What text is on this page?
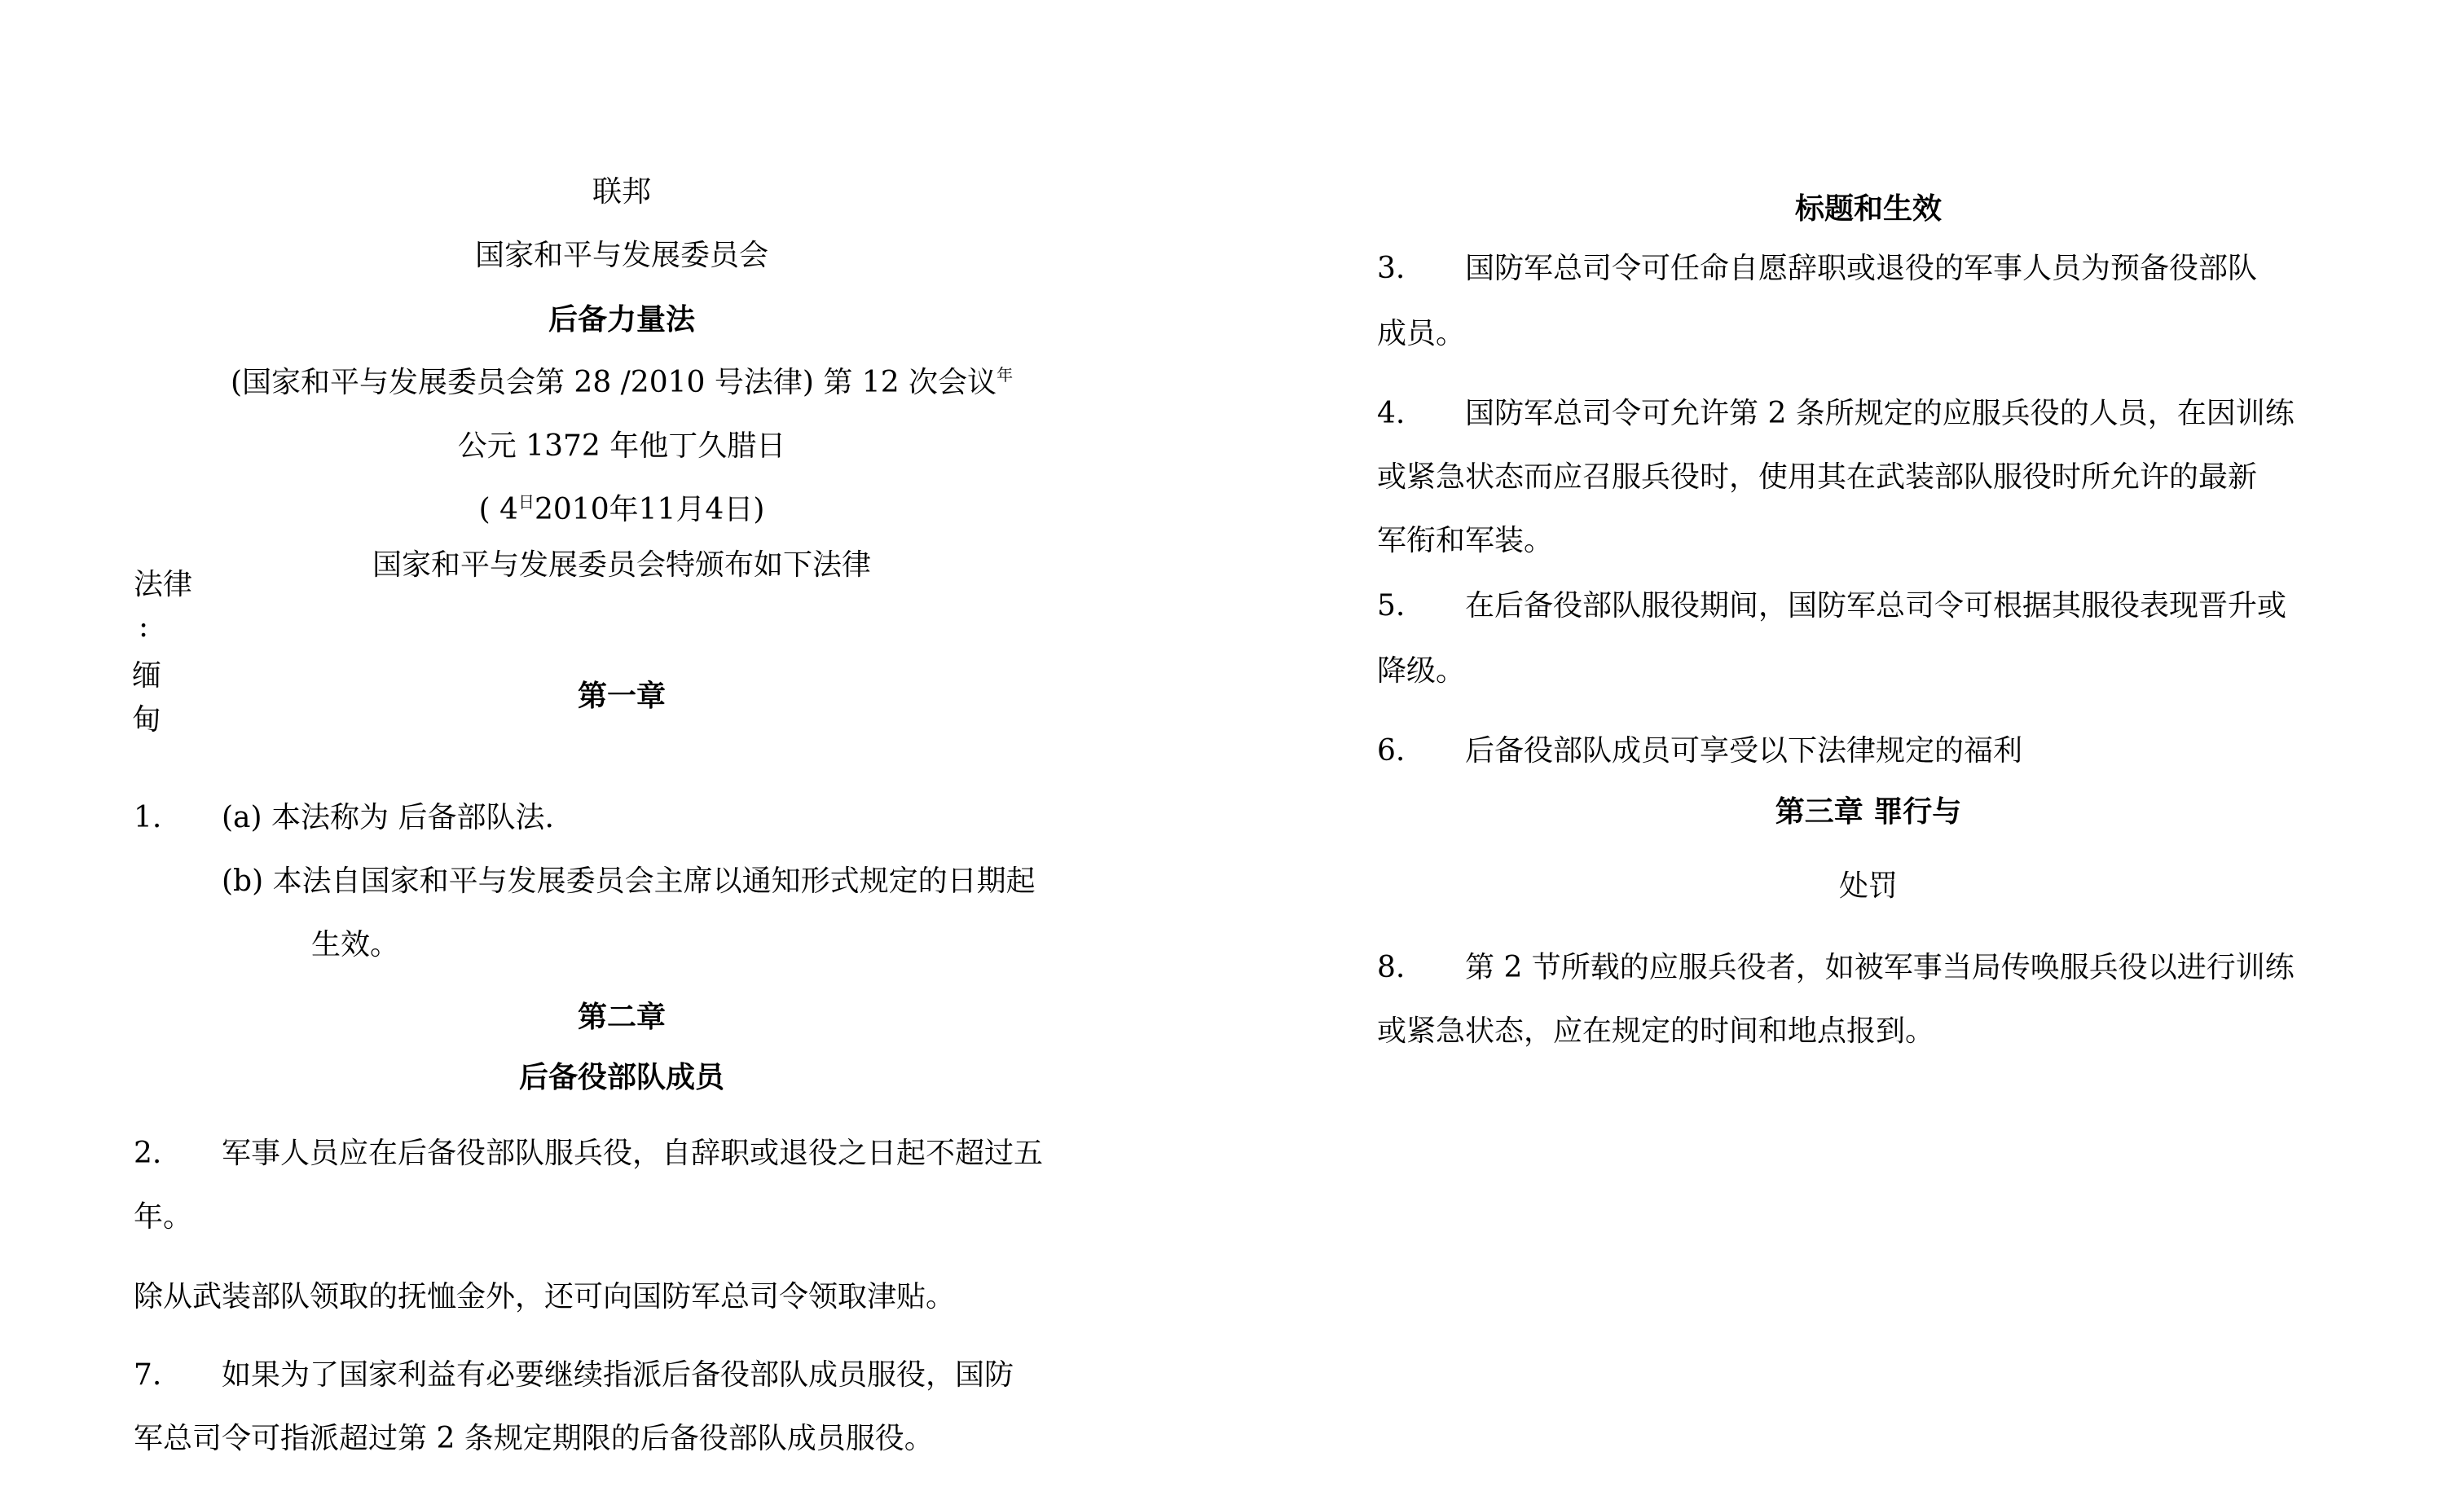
联邦
国家和平与发展委员会
后备力量法
(国家和平与发展委员会第 28 /2010 号法律) 第 12 次会议$^年$
公元 1372 年他丁久腊日
( $4^日2010$年11月4日)
国家和平与发展委员会特颁布如下法律
法律
:
缅
甸
第一章
1. (a) 本法称为 后备部队法.
(b) 本法自国家和平与发展委员会主席以通知形式规定的日期起
生效。
第二章
后备役部队成员
2. 军事人员应在后备役部队服兵役，自辞职或退役之日起不超过五
年。
除从武装部队领取的抚恤金外，还可向国防军总司令领取津贴。
7. 如果为了国家利益有必要继续指派后备役部队成员服役，国防
军总司令可指派超过第 2 条规定期限的后备役部队成员服役。
标题和生效
3. 国防军总司令可任命自愿辞职或退役的军事人员为预备役部队
成员。
4. 国防军总司令可允许第 2 条所规定的应服兵役的人员，在因训练
或紧急状态而应召服兵役时，使用其在武装部队服役时所允许的最新
军衔和军装。
5. 在后备役部队服役期间，国防军总司令可根据其服役表现晋升或
降级。
6. 后备役部队成员可享受以下法律规定的福利
第三章 罪行与
处罚
8. 第 2 节所载的应服兵役者，如被军事当局传唤服兵役以进行训练
或紧急状态，应在规定的时间和地点报到。
